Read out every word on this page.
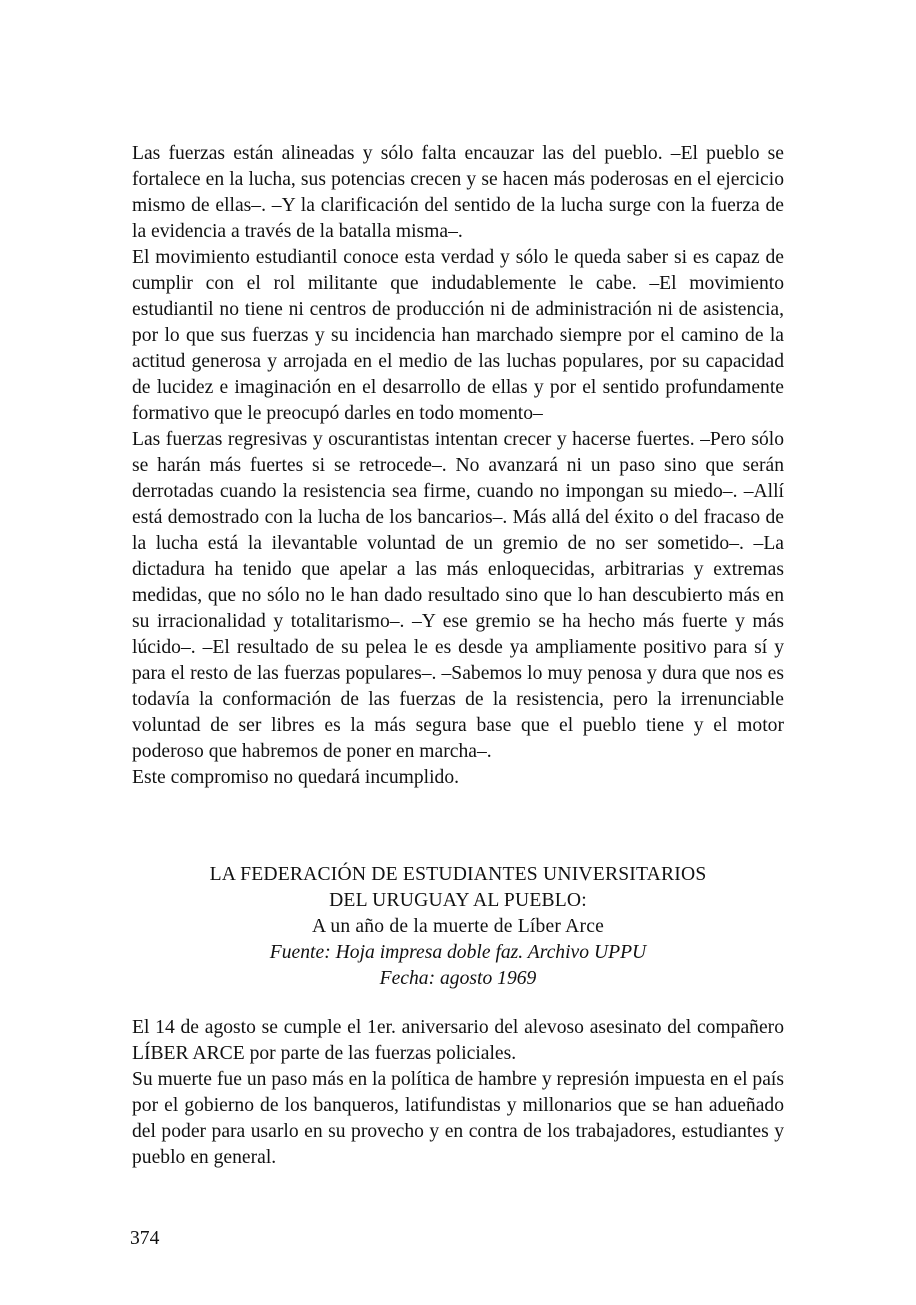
Las fuerzas están alineadas y sólo falta encauzar las del pueblo. –El pueblo se fortalece en la lucha, sus potencias crecen y se hacen más poderosas en el ejercicio mismo de ellas–. –Y la clarificación del sentido de la lucha surge con la fuerza de la evidencia a través de la batalla misma–.

El movimiento estudiantil conoce esta verdad y sólo le queda saber si es capaz de cumplir con el rol militante que indudablemente le cabe. –El movimiento estudiantil no tiene ni centros de producción ni de administración ni de asistencia, por lo que sus fuerzas y su incidencia han marchado siempre por el camino de la actitud generosa y arrojada en el medio de las luchas populares, por su capacidad de lucidez e imaginación en el desarrollo de ellas y por el sentido profundamente formativo que le preocupó darles en todo momento–

Las fuerzas regresivas y oscurantistas intentan crecer y hacerse fuertes. –Pero sólo se harán más fuertes si se retrocede–. No avanzará ni un paso sino que serán derrotadas cuando la resistencia sea firme, cuando no impongan su miedo–. –Allí está demostrado con la lucha de los bancarios–. Más allá del éxito o del fracaso de la lucha está la ilevantable voluntad de un gremio de no ser sometido–. –La dictadura ha tenido que apelar a las más enloquecidas, arbitrarias y extremas medidas, que no sólo no le han dado resultado sino que lo han descubierto más en su irracionalidad y totalitarismo–. –Y ese gremio se ha hecho más fuerte y más lúcido–. –El resultado de su pelea le es desde ya ampliamente positivo para sí y para el resto de las fuerzas populares–. –Sabemos lo muy penosa y dura que nos es todavía la conformación de las fuerzas de la resistencia, pero la irrenunciable voluntad de ser libres es la más segura base que el pueblo tiene y el motor poderoso que habremos de poner en marcha–.

Este compromiso no quedará incumplido.

LA FEDERACIÓN DE ESTUDIANTES UNIVERSITARIOS
DEL URUGUAY AL PUEBLO:
A un año de la muerte de Líber Arce
Fuente: Hoja impresa doble faz. Archivo UPPU
Fecha: agosto 1969

El 14 de agosto se cumple el 1er. aniversario del alevoso asesinato del compañero LÍBER ARCE por parte de las fuerzas policiales.

Su muerte fue un paso más en la política de hambre y represión impuesta en el país por el gobierno de los banqueros, latifundistas y millonarios que se han adueñado del poder para usarlo en su provecho y en contra de los trabajadores, estudiantes y pueblo en general.

374
